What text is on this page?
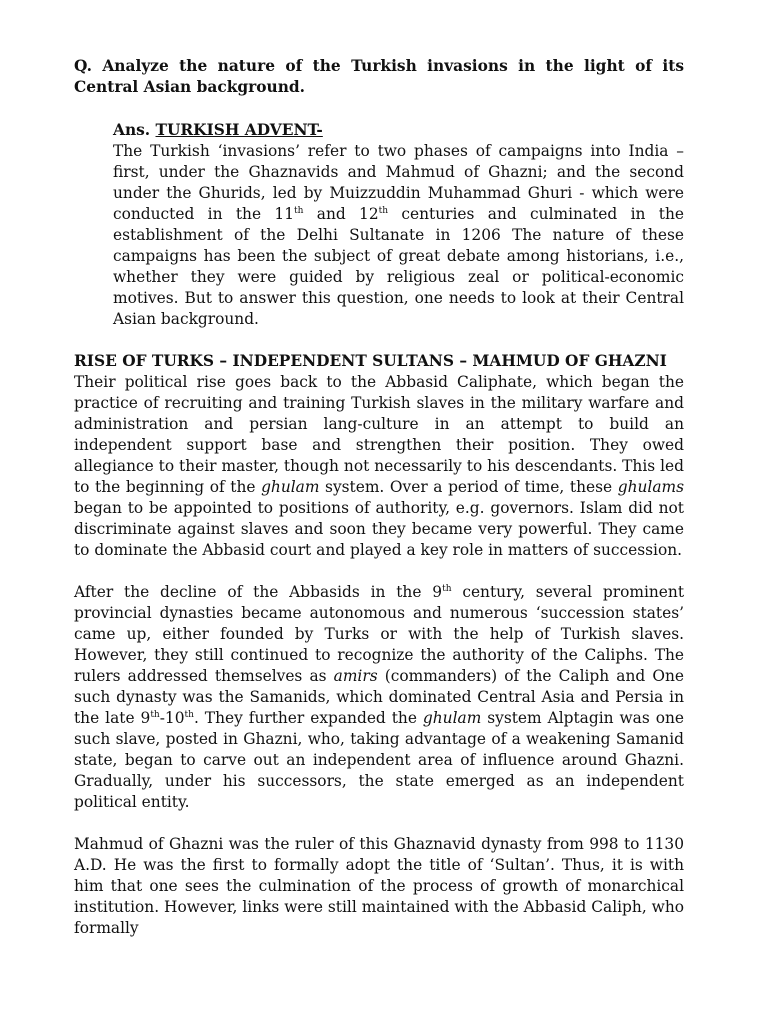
Q. Analyze the nature of the Turkish invasions in the light of its Central Asian background.

Ans. TURKISH ADVENT-
The Turkish ‘invasions’ refer to two phases of campaigns into India – first, under the Ghaznavids and Mahmud of Ghazni; and the second under the Ghurids, led by Muizzuddin Muhammad Ghuri - which were conducted in the 11th and 12th centuries and culminated in the establishment of the Delhi Sultanate in 1206 The nature of these campaigns has been the subject of great debate among historians, i.e., whether they were guided by religious zeal or political-economic motives. But to answer this question, one needs to look at their Central Asian background.

RISE OF TURKS – INDEPENDENT SULTANS – MAHMUD OF GHAZNI

Their political rise goes back to the Abbasid Caliphate, which began the practice of recruiting and training Turkish slaves in the military warfare and administration and persian lang-culture in an attempt to build an independent support base and strengthen their position. They owed allegiance to their master, though not necessarily to his descendants. This led to the beginning of the ghulam system. Over a period of time, these ghulams began to be appointed to positions of authority, e.g. governors. Islam did not discriminate against slaves and soon they became very powerful. They came to dominate the Abbasid court and played a key role in matters of succession.

After the decline of the Abbasids in the 9th century, several prominent provincial dynasties became autonomous and numerous ‘succession states’ came up, either founded by Turks or with the help of Turkish slaves. However, they still continued to recognize the authority of the Caliphs. The rulers addressed themselves as amirs (commanders) of the Caliph and One such dynasty was the Samanids, which dominated Central Asia and Persia in the late 9th-10th. They further expanded the ghulam system Alptagin was one such slave, posted in Ghazni, who, taking advantage of a weakening Samanid state, began to carve out an independent area of influence around Ghazni. Gradually, under his successors, the state emerged as an independent political entity.

Mahmud of Ghazni was the ruler of this Ghaznavid dynasty from 998 to 1130 A.D. He was the first to formally adopt the title of ‘Sultan’. Thus, it is with him that one sees the culmination of the process of growth of monarchical institution. However, links were still maintained with the Abbasid Caliph, who formally
